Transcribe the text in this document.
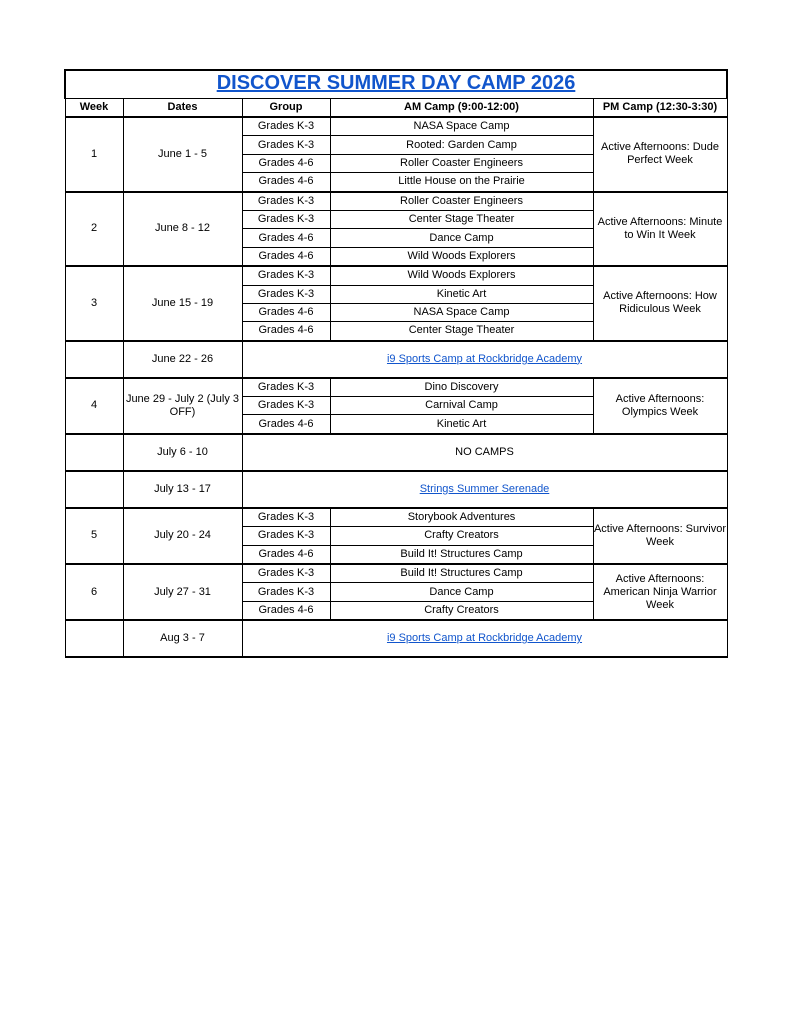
DISCOVER SUMMER DAY CAMP 2026				
Week	Dates	Group	AM Camp (9:00-12:00)	PM Camp (12:30-3:30)
1	June 1 - 5	Grades K-3	NASA Space Camp	Active Afternoons: Dude Perfect Week
		Grades K-3	Rooted: Garden Camp	
		Grades 4-6	Roller Coaster Engineers	
		Grades 4-6	Little House on the Prairie	
2	June 8 - 12	Grades K-3	Roller Coaster Engineers	Active Afternoons: Minute to Win It Week
		Grades K-3	Center Stage Theater	
		Grades 4-6	Dance Camp	
		Grades 4-6	Wild Woods Explorers	
3	June 15 - 19	Grades K-3	Wild Woods Explorers	Active Afternoons: How Ridiculous Week
		Grades K-3	Kinetic Art	
		Grades 4-6	NASA Space Camp	
		Grades 4-6	Center Stage Theater	
	June 22 - 26	i9 Sports Camp at Rockbridge Academy		
4	June 29 - July 2 (July 3 OFF)	Grades K-3	Dino Discovery	Active Afternoons: Olympics Week
		Grades K-3	Carnival Camp	
		Grades 4-6	Kinetic Art	
	July 6 - 10	NO CAMPS		
	July 13 - 17	Strings Summer Serenade		
5	July 20 - 24	Grades K-3	Storybook Adventures	Active Afternoons: Survivor Week
		Grades K-3	Crafty Creators	
		Grades 4-6	Build It! Structures Camp	
6	July 27 - 31	Grades K-3	Build It! Structures Camp	Active Afternoons: American Ninja Warrior Week
		Grades K-3	Dance Camp	
		Grades 4-6	Crafty Creators	
	Aug 3 - 7	i9 Sports Camp at Rockbridge Academy		
